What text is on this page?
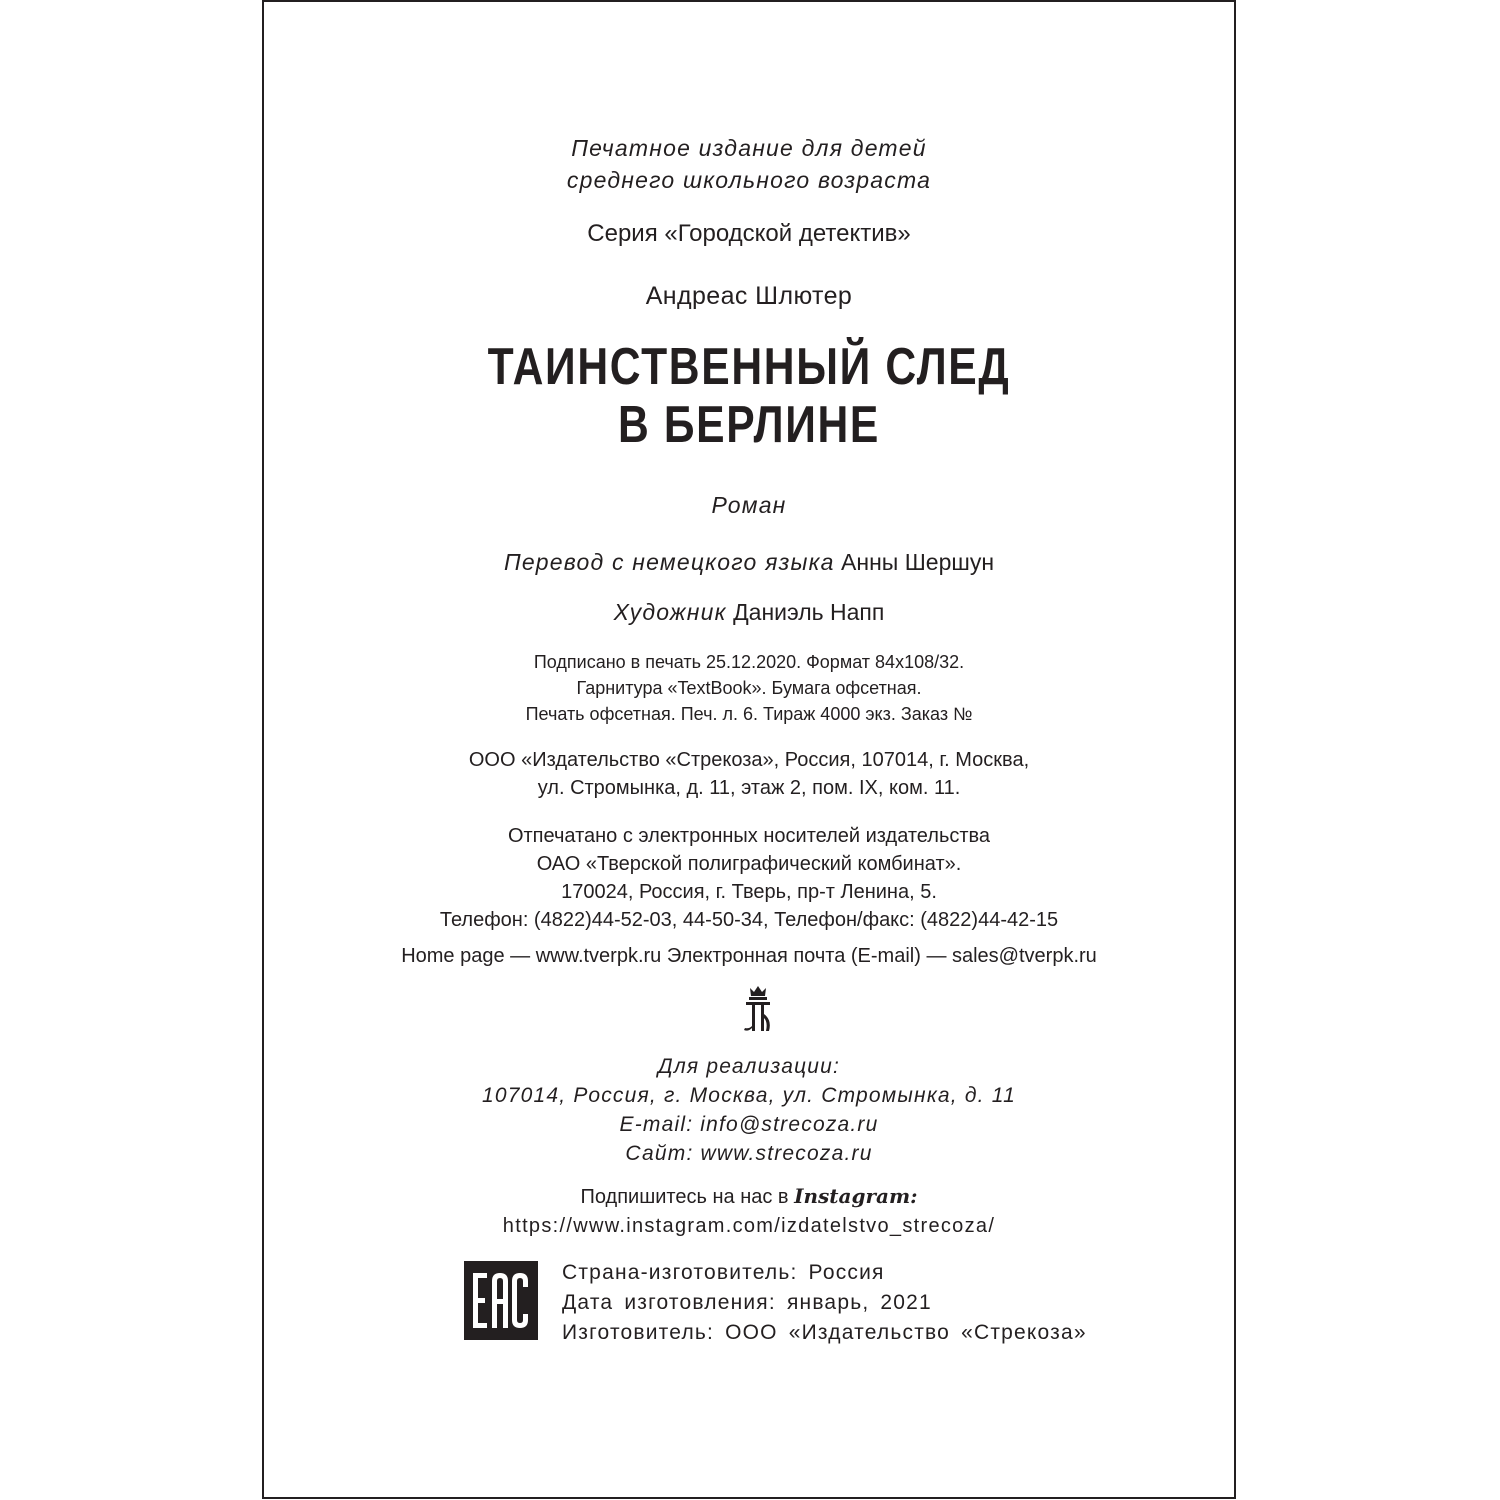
Печатное издание для детей
среднего школьного возраста
Серия «Городской детектив»
Андреас Шлютер
ТАИНСТВЕННЫЙ СЛЕД
В БЕРЛИНЕ
Роман
Перевод с немецкого языка Анны Шершун
Художник Даниэль Напп
Подписано в печать 25.12.2020. Формат 84х108/32.
Гарнитура «TextBook». Бумага офсетная.
Печать офсетная. Печ. л. 6. Тираж 4000 экз. Заказ №
ООО «Издательство «Стрекоза», Россия, 107014, г. Москва,
ул. Стромынка, д. 11, этаж 2, пом. IX, ком. 11.
Отпечатано с электронных носителей издательства
ОАО «Тверской полиграфический комбинат».
170024, Россия, г. Тверь, пр-т Ленина, 5.
Телефон: (4822)44-52-03, 44-50-34, Телефон/факс: (4822)44-42-15
Home page — www.tverpk.ru Электронная почта (E-mail) — sales@tverpk.ru
Для реализации:
107014, Россия, г. Москва, ул. Стромынка, д. 11
E-mail: info@strecoza.ru
Сайт: www.strecoza.ru
Подпишитесь на нас в Instagram:
https://www.instagram.com/izdatelstvo_strecoza/
Страна-изготовитель: Россия
Дата изготовления: январь, 2021
Изготовитель: ООО «Издательство «Стрекоза»
